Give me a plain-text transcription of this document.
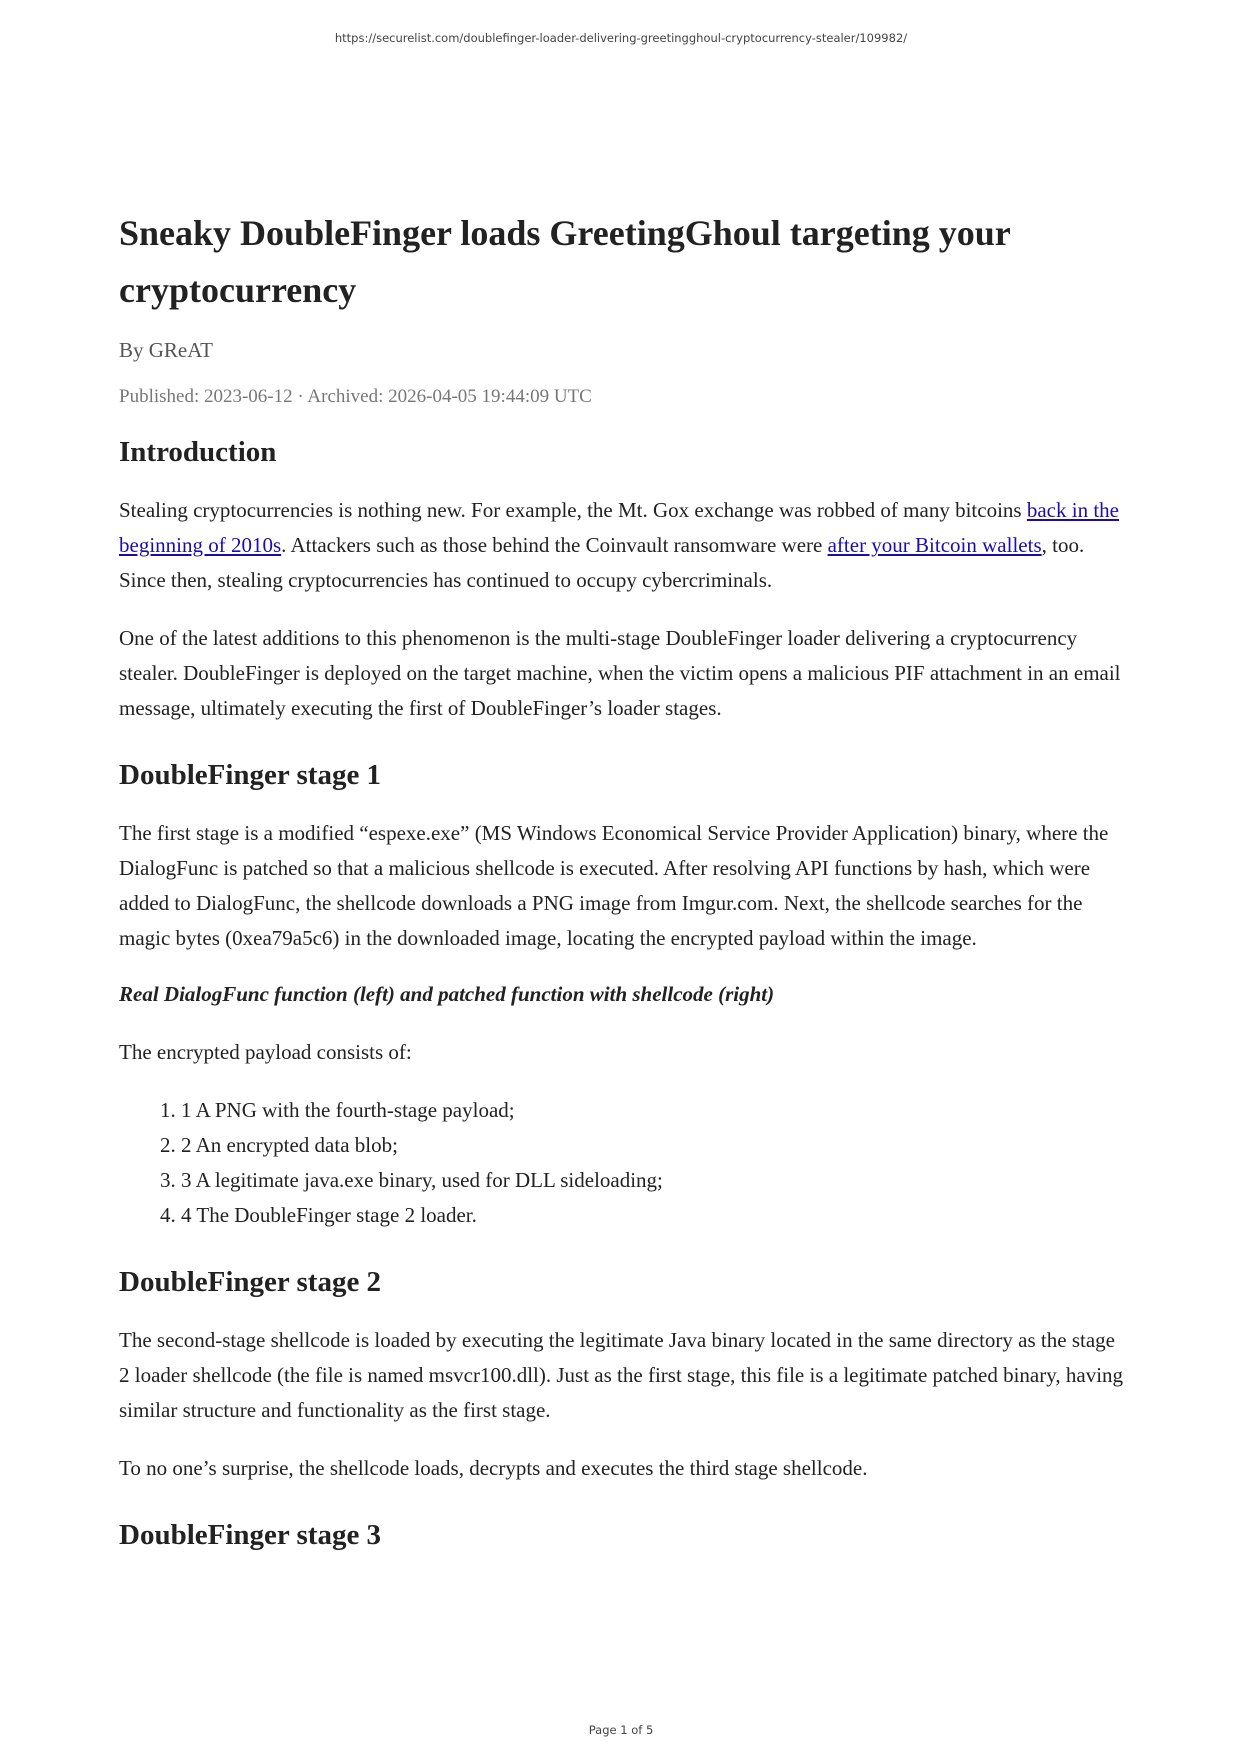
https://securelist.com/doublefinger-loader-delivering-greetingghoul-cryptocurrency-stealer/109982/
Sneaky DoubleFinger loads GreetingGhoul targeting your cryptocurrency
By GReAT
Published: 2023-06-12 · Archived: 2026-04-05 19:44:09 UTC
Introduction

Stealing cryptocurrencies is nothing new. For example, the Mt. Gox exchange was robbed of many bitcoins back in the beginning of 2010s. Attackers such as those behind the Coinvault ransomware were after your Bitcoin wallets, too. Since then, stealing cryptocurrencies has continued to occupy cybercriminals.

One of the latest additions to this phenomenon is the multi-stage DoubleFinger loader delivering a cryptocurrency stealer. DoubleFinger is deployed on the target machine, when the victim opens a malicious PIF attachment in an email message, ultimately executing the first of DoubleFinger’s loader stages.

DoubleFinger stage 1

The first stage is a modified “espexe.exe” (MS Windows Economical Service Provider Application) binary, where the DialogFunc is patched so that a malicious shellcode is executed. After resolving API functions by hash, which were added to DialogFunc, the shellcode downloads a PNG image from Imgur.com. Next, the shellcode searches for the magic bytes (0xea79a5c6) in the downloaded image, locating the encrypted payload within the image.

Real DialogFunc function (left) and patched function with shellcode (right)

The encrypted payload consists of:

1. 1 A PNG with the fourth-stage payload;
2. 2 An encrypted data blob;
3. 3 A legitimate java.exe binary, used for DLL sideloading;
4. 4 The DoubleFinger stage 2 loader.
DoubleFinger stage 2

The second-stage shellcode is loaded by executing the legitimate Java binary located in the same directory as the stage 2 loader shellcode (the file is named msvcr100.dll). Just as the first stage, this file is a legitimate patched binary, having similar structure and functionality as the first stage.

To no one’s surprise, the shellcode loads, decrypts and executes the third stage shellcode.

DoubleFinger stage 3
Page 1 of 5
